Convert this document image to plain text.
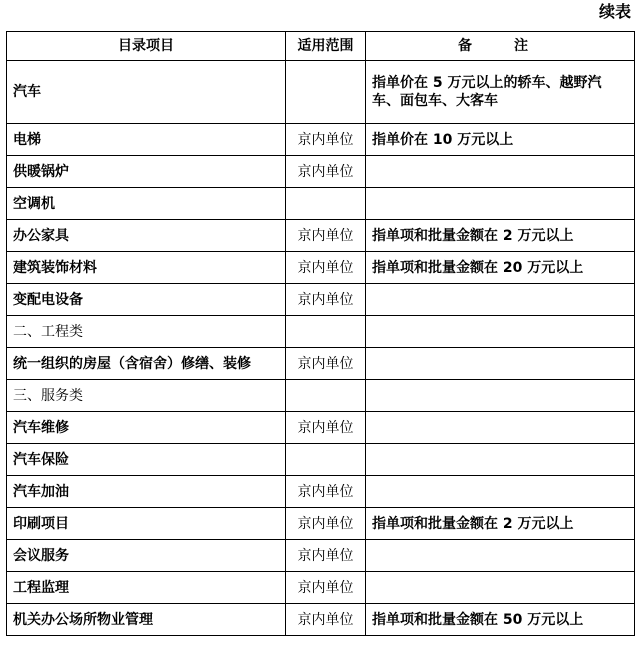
续表
目录项目	适用范围	备　注
汽车		指单价在 5 万元以上的轿车、越野汽车、面包车、大客车
电梯	京内单位	指单价在 10 万元以上
供暖锅炉	京内单位	
空调机		
办公家具	京内单位	指单项和批量金额在 2 万元以上
建筑装饰材料	京内单位	指单项和批量金额在 20 万元以上
变配电设备	京内单位	
二、工程类		
统一组织的房屋（含宿舍）修缮、装修	京内单位	
三、服务类		
汽车维修	京内单位	
汽车保险		
汽车加油	京内单位	
印刷项目	京内单位	指单项和批量金额在 2 万元以上
会议服务	京内单位	
工程监理	京内单位	
机关办公场所物业管理	京内单位	指单项和批量金额在 50 万元以上
